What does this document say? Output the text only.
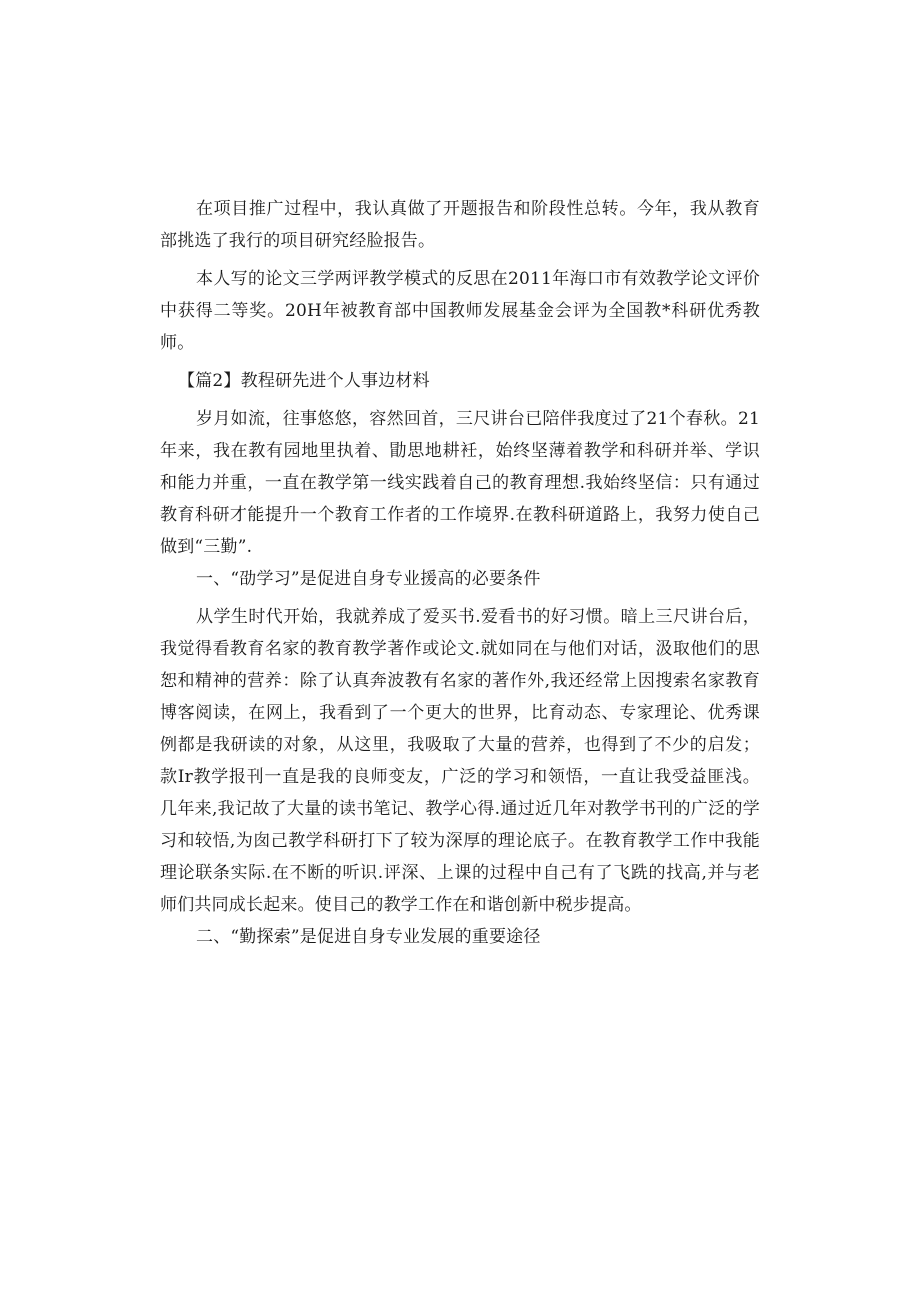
在项目推广过程中，我认真做了开题报告和阶段性总转。今年，我从教育部挑选了我行的项目研究经脸报告。

本人写的论文三学两评教学模式的反思在2011年海口市有效教学论文评价中获得二等奖。20H年被教育部中国教师发展基金会评为全国教*科研优秀教师。

【篇2】教程研先进个人事边材料

岁月如流，往事悠悠，容然回首，三尺讲台已陪伴我度过了21个春秋。21年来，我在教有园地里执着、勖思地耕衽，始终坚薄着教学和科研并举、学识和能力并重，一直在教学第一线实践着自己的教育理想.我始终坚信：只有通过教育科研才能提升一个教育工作者的工作境界.在教科研道路上，我努力使自己做到“三勤”.

一、“劭学习”是促进自身专业援高的必要条件

从学生时代开始，我就养成了爱买书.爱看书的好习惯。暗上三尺讲台后，我觉得看教育名家的教育教学著作或论文.就如同在与他们对话，汲取他们的思恕和精神的营养：除了认真奔波教有名家的著作外,我还经常上因搜索名家教育博客阅读，在网上，我看到了一个更大的世界，比育动态、专家理论、优秀课例都是我研读的对象，从这里，我吸取了大量的营养，也得到了不少的启发；款Ir教学报刊一直是我的良师变友，广泛的学习和领悟，一直让我受益匪浅。几年来,我记故了大量的读书笔记、教学心得.通过近几年对教学书刊的广泛的学习和较悟,为囱己教学科研打下了较为深厚的理论底子。在教育教学工作中我能理论联条实际.在不断的听识.评深、上课的过程中自己有了飞跣的找高,并与老师们共同成长起来。使目己的教学工作在和谐创新中税步提高。

二、“勤探索”是促进自身专业发展的重要途径
